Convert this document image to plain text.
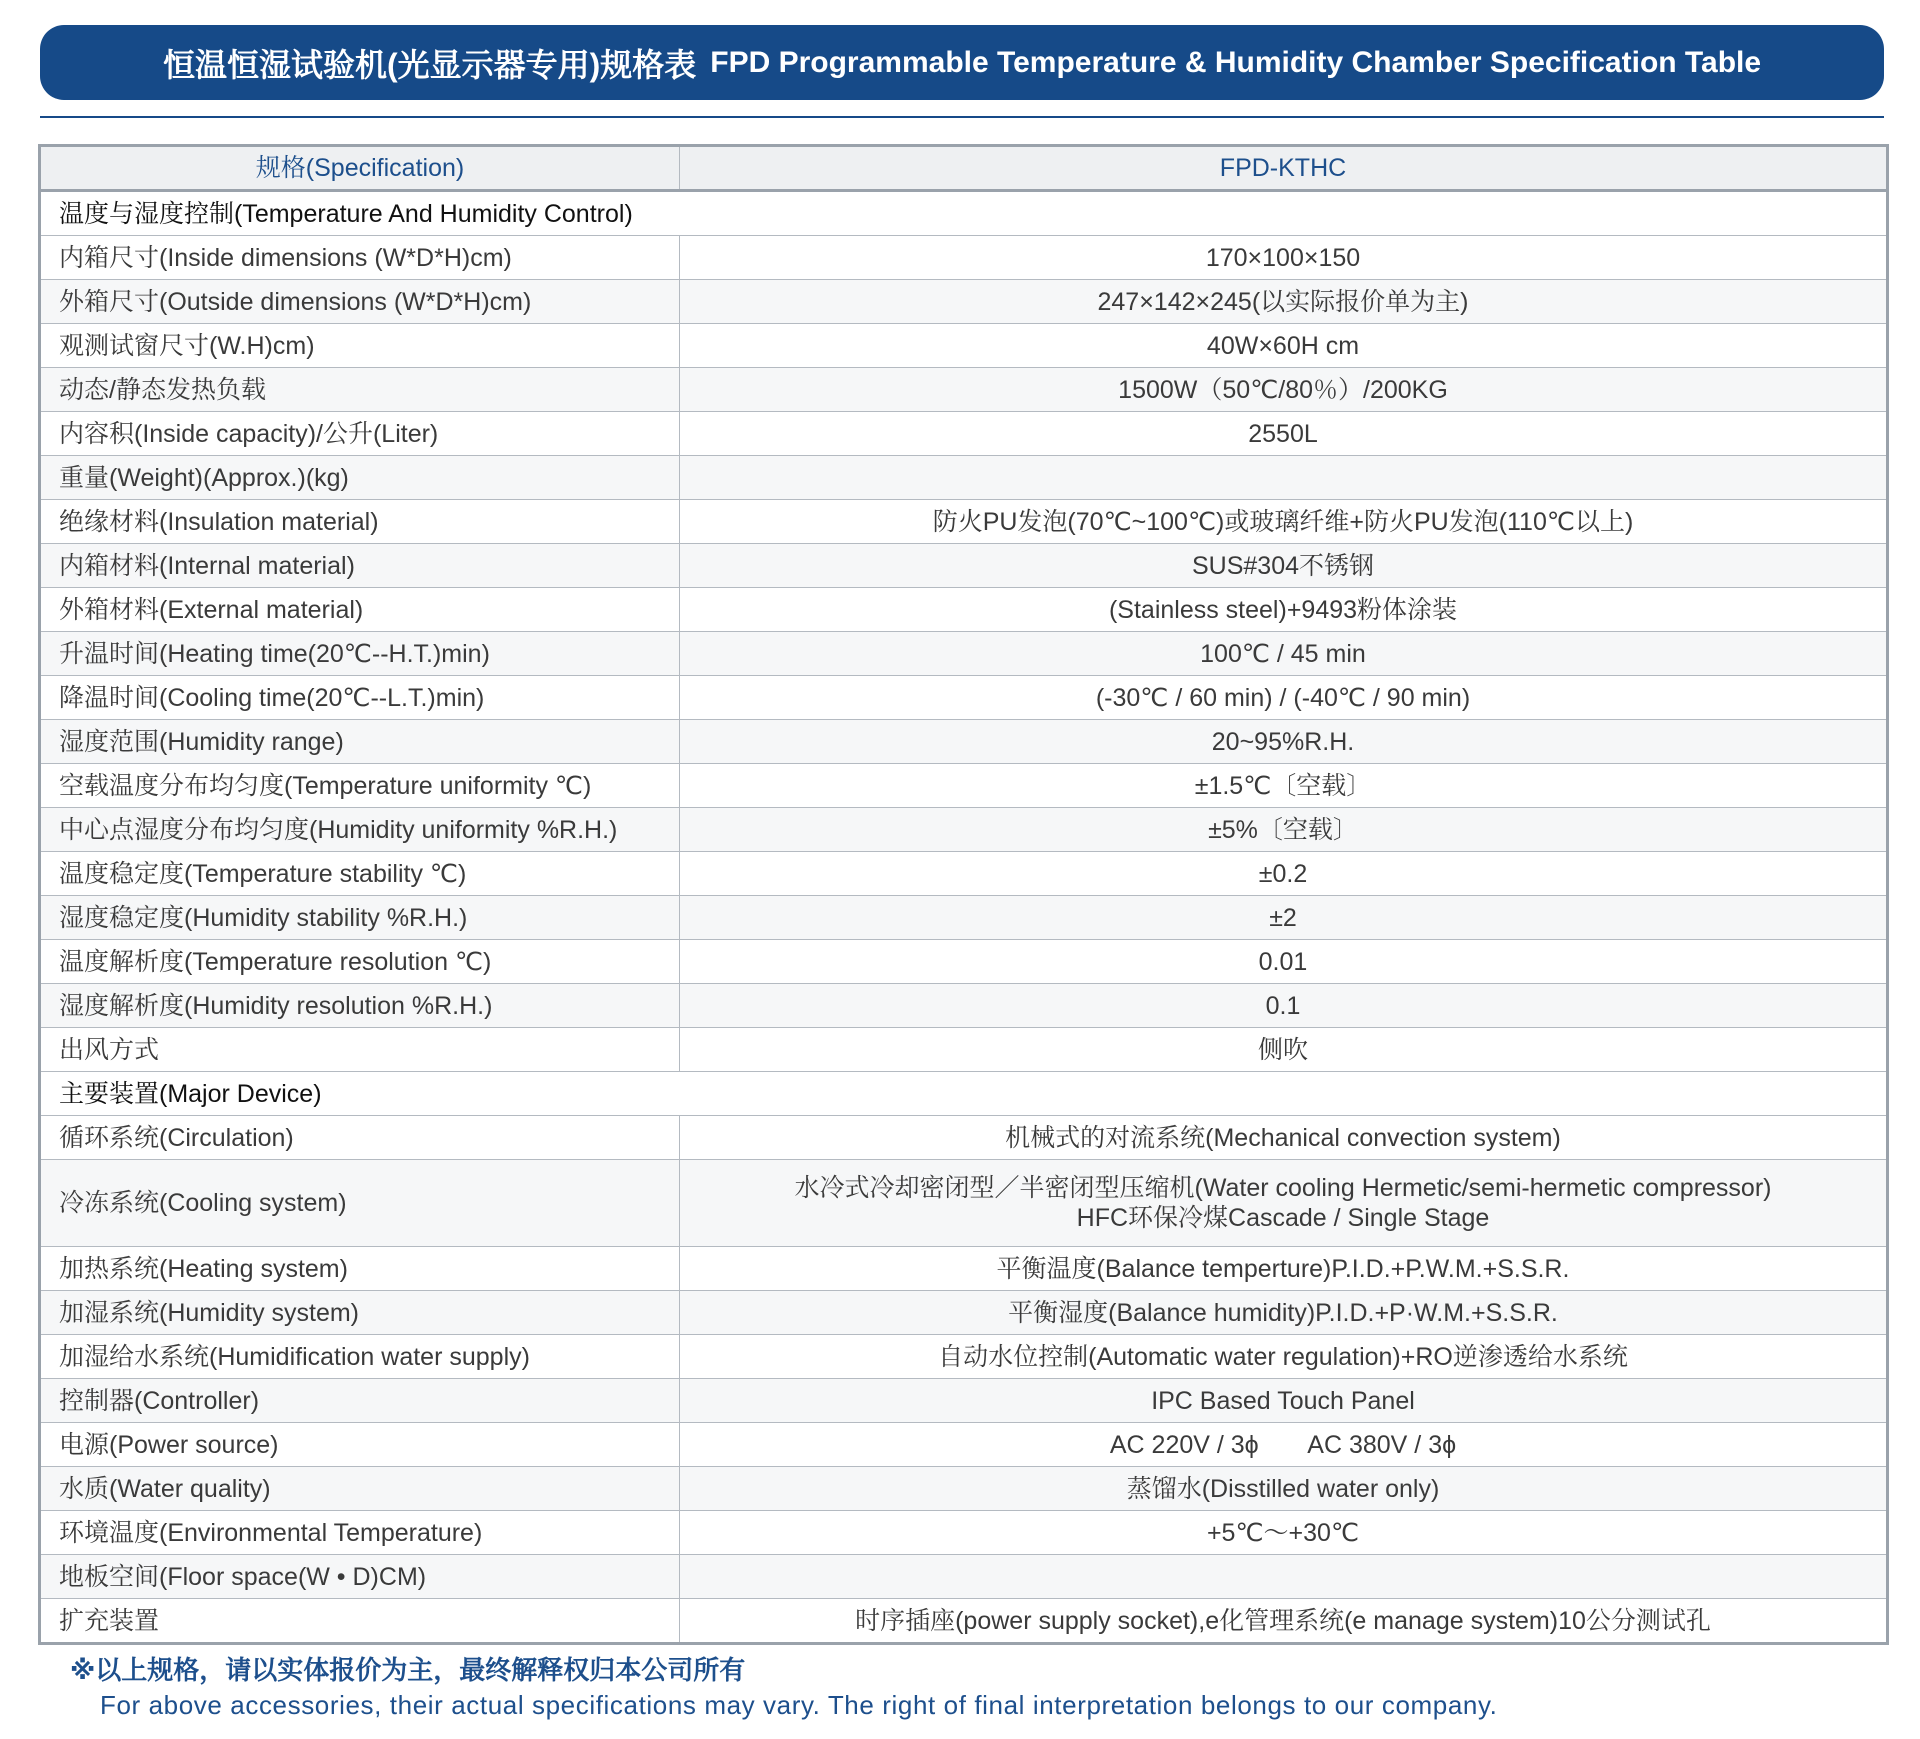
恒温恒湿试验机(光显示器专用)规格表 FPD Programmable Temperature & Humidity Chamber Specification Table
规格(Specification)	FPD-KTHC
温度与湿度控制(Temperature And Humidity Control)	
内箱尺寸(Inside dimensions (W*D*H)cm)	170×100×150
外箱尺寸(Outside dimensions (W*D*H)cm)	247×142×245(以实际报价单为主)
观测试窗尺寸(W.H)cm)	40W×60H cm
动态/静态发热负载	1500W（50℃/80％）/200KG
内容积(Inside capacity)/公升(Liter)	2550L
重量(Weight)(Approx.)(kg)	
绝缘材料(Insulation material)	防火PU发泡(70℃~100℃)或玻璃纤维+防火PU发泡(110℃以上)
内箱材料(Internal material)	SUS#304不锈钢
外箱材料(External material)	(Stainless steel)+9493粉体涂装
升温时间(Heating time(20℃--H.T.)min)	100℃ / 45 min
降温时间(Cooling time(20℃--L.T.)min)	(-30℃ / 60 min) / (-40℃ / 90 min)
湿度范围(Humidity range)	20~95%R.H.
空载温度分布均匀度(Temperature uniformity ℃)	±1.5℃〔空载〕
中心点湿度分布均匀度(Humidity uniformity %R.H.)	±5%〔空载〕
温度稳定度(Temperature stability ℃)	±0.2
湿度稳定度(Humidity stability %R.H.)	±2
温度解析度(Temperature resolution ℃)	0.01
湿度解析度(Humidity resolution %R.H.)	0.1
出风方式	侧吹
主要装置(Major Device)	
循环系统(Circulation)	机械式的对流系统(Mechanical convection system)
冷冻系统(Cooling system)	水冷式冷却密闭型／半密闭型压缩机(Water cooling Hermetic/semi-hermetic compressor)
HFC环保冷煤Cascade / Single Stage

加热系统(Heating system)	平衡温度(Balance temperture)P.I.D.+P.W.M.+S.S.R.
加湿系统(Humidity system)	平衡湿度(Balance humidity)P.I.D.+P·W.M.+S.S.R.
加湿给水系统(Humidification water supply)	自动水位控制(Automatic water regulation)+RO逆渗透给水系统
控制器(Controller)	IPC Based Touch Panel
电源(Power source)	AC 220V / 3ϕ       AC 380V / 3ϕ
水质(Water quality)	蒸馏水(Disstilled water only)
环境温度(Environmental Temperature)	+5℃～+30℃
地板空间(Floor space(W • D)CM)	
扩充装置	时序插座(power supply socket),e化管理系统(e manage system)10公分测试孔
※以上规格，请以实体报价为主，最终解释权归本公司所有
For above accessories, their actual specifications may vary. The right of final interpretation belongs to our company.
